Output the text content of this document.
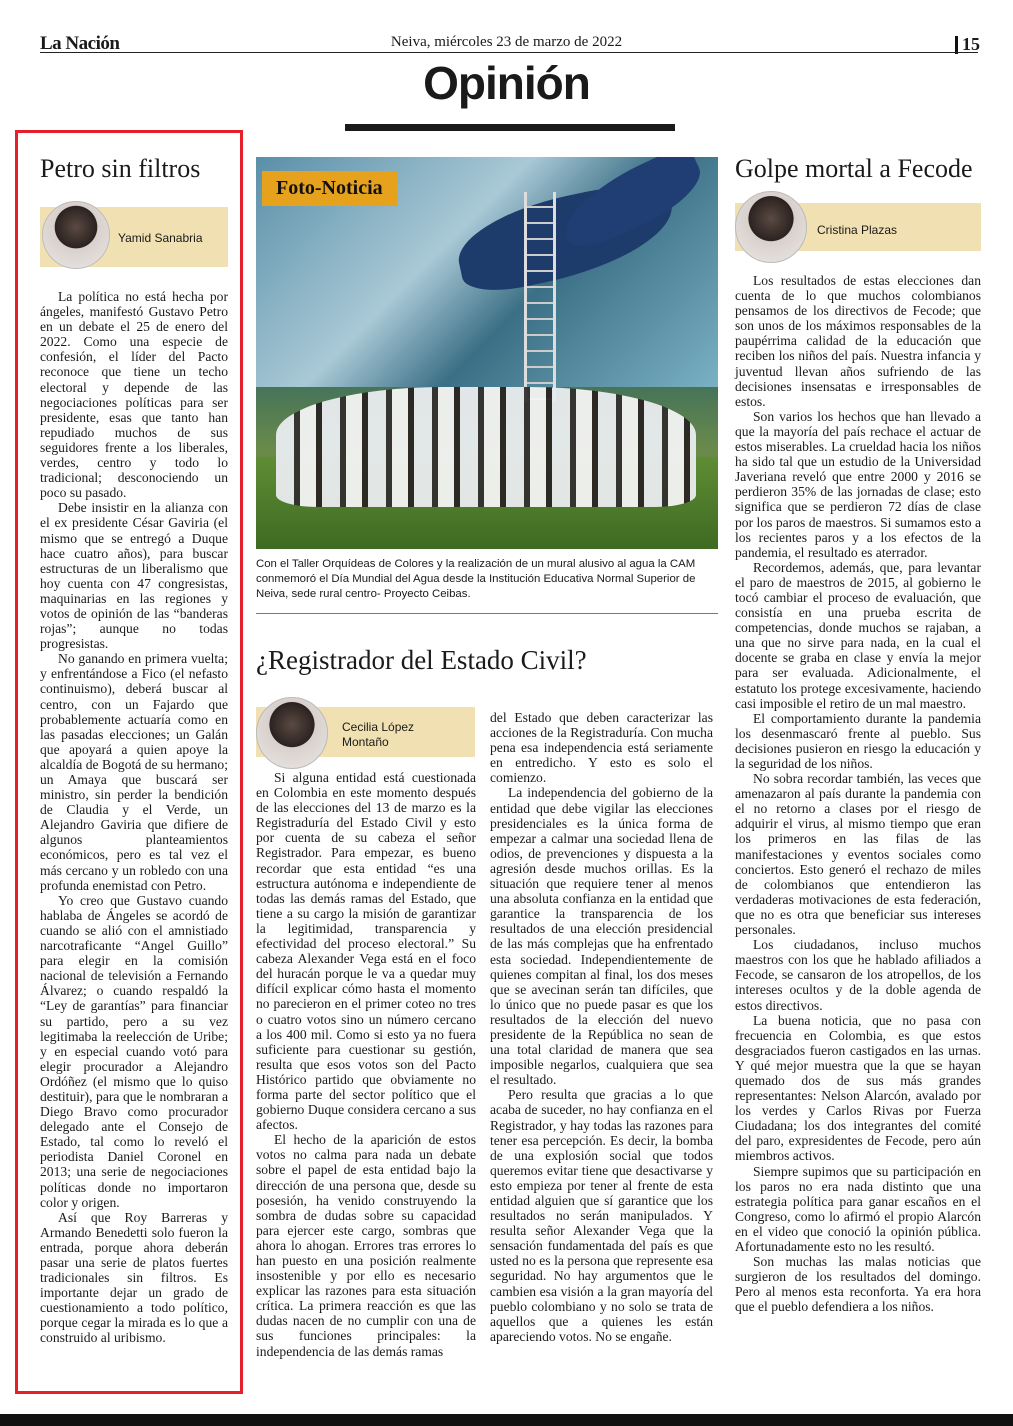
La Nación	Neiva, miércoles 23 de marzo de 2022	15
Opinión
Petro sin filtros
Yamid Sanabria

La política no está hecha por ángeles, manifestó Gustavo Petro en un debate el 25 de enero del 2022. Como una especie de confesión, el líder del Pacto reconoce que tiene un techo electoral y depende de las negociaciones políticas para ser presidente, esas que tanto han repudiado muchos de sus seguidores frente a los liberales, verdes, centro y todo lo tradicional; desconociendo un poco su pasado.

Debe insistir en la alianza con el ex presidente César Gaviria (el mismo que se entregó a Duque hace cuatro años), para buscar estructuras de un liberalismo que hoy cuenta con 47 congresistas, maquinarias en las regiones y votos de opinión de las “banderas rojas”; aunque no todas progresistas.

No ganando en primera vuelta; y enfrentándose a Fico (el nefasto continuismo), deberá buscar al centro, con un Fajardo que probablemente actuaría como en las pasadas elecciones; un Galán que apoyará a quien apoye la alcaldía de Bogotá de su hermano; un Amaya que buscará ser ministro, sin perder la bendición de Claudia y el Verde, un Alejandro Gaviria que difiere de algunos planteamientos económicos, pero es tal vez el más cercano y un robledo con una profunda enemistad con Petro.

Yo creo que Gustavo cuando hablaba de Ángeles se acordó de cuando se alió con el amnistiado narcotraficante “Angel Guillo” para elegir en la comisión nacional de televisión a Fernando Álvarez; o cuando respaldó la “Ley de garantías” para financiar su partido, pero a su vez legitimaba la reelección de Uribe; y en especial cuando votó para elegir procurador a Alejandro Ordóñez (el mismo que lo quiso destituir), para que le nombraran a Diego Bravo como procurador delegado ante el Consejo de Estado, tal como lo reveló el periodista Daniel Coronel en 2013; una serie de negociaciones políticas donde no importaron color y origen.

Así que Roy Barreras y Armando Benedetti solo fueron la entrada, porque ahora deberán pasar una serie de platos fuertes tradicionales sin filtros. Es importante dejar un grado de cuestionamiento a todo político, porque cegar la mirada es lo que a construido al uribismo.

Foto-Noticia
Con el Taller Orquídeas de Colores y la realización de un mural alusivo al agua la CAM conmemoró el Día Mundial del Agua desde la Institución Educativa Normal Superior de Neiva, sede rural centro- Proyecto Ceibas.
¿Registrador del Estado Civil?
Cecilia López Montaño

Si alguna entidad está cuestionada en Colombia en este momento después de las elecciones del 13 de marzo es la Registraduría del Estado Civil y esto por cuenta de su cabeza el señor Registrador. Para empezar, es bueno recordar que esta entidad “es una estructura autónoma e independiente de todas las demás ramas del Estado, que tiene a su cargo la misión de garantizar la legitimidad, transparencia y efectividad del proceso electoral.” Su cabeza Alexander Vega está en el foco del huracán porque le va a quedar muy difícil explicar cómo hasta el momento no parecieron en el primer coteo no tres o cuatro votos sino un número cercano a los 400 mil. Como si esto ya no fuera suficiente para cuestionar su gestión, resulta que esos votos son del Pacto Histórico partido que obviamente no forma parte del sector político que el gobierno Duque considera cercano a sus afectos.

El hecho de la aparición de estos votos no calma para nada un debate sobre el papel de esta entidad bajo la dirección de una persona que, desde su posesión, ha venido construyendo la sombra de dudas sobre su capacidad para ejercer este cargo, sombras que ahora lo ahogan. Errores tras errores lo han puesto en una posición realmente insostenible y por ello es necesario explicar las razones para esta situación crítica. La primera reacción es que las dudas nacen de no cumplir con una de sus funciones principales: la independencia de las demás ramas

del Estado que deben caracterizar las acciones de la Registraduría. Con mucha pena esa independencia está seriamente en entredicho. Y esto es solo el comienzo.

La independencia del gobierno de la entidad que debe vigilar las elecciones presidenciales es la única forma de empezar a calmar una sociedad llena de odios, de prevenciones y dispuesta a la agresión desde muchos orillas. Es la situación que requiere tener al menos una absoluta confianza en la entidad que garantice la transparencia de los resultados de una elección presidencial de las más complejas que ha enfrentado esta sociedad. Independientemente de quienes compitan al final, los dos meses que se avecinan serán tan difíciles, que lo único que no puede pasar es que los resultados de la elección del nuevo presidente de la República no sean de una total claridad de manera que sea imposible negarlos, cualquiera que sea el resultado.

Pero resulta que gracias a lo que acaba de suceder, no hay confianza en el Registrador, y hay todas las razones para tener esa percepción. Es decir, la bomba de una explosión social que todos queremos evitar tiene que desactivarse y esto empieza por tener al frente de esta entidad alguien que sí garantice que los resultados no serán manipulados. Y resulta señor Alexander Vega que la sensación fundamentada del país es que usted no es la persona que represente esa seguridad. No hay argumentos que le cambien esa visión a la gran mayoría del pueblo colombiano y no solo se trata de aquellos que a quienes les están apareciendo votos. No se engañe.

Golpe mortal a Fecode
Cristina Plazas

Los resultados de estas elecciones dan cuenta de lo que muchos colombianos pensamos de los directivos de Fecode; que son unos de los máximos responsables de la paupérrima calidad de la educación que reciben los niños del país. Nuestra infancia y juventud llevan años sufriendo de las decisiones insensatas e irresponsables de estos.

Son varios los hechos que han llevado a que la mayoría del país rechace el actuar de estos miserables. La crueldad hacia los niños ha sido tal que un estudio de la Universidad Javeriana reveló que entre 2000 y 2016 se perdieron 35% de las jornadas de clase; esto significa que se perdieron 72 días de clase por los paros de maestros. Si sumamos esto a los recientes paros y a los efectos de la pandemia, el resultado es aterrador.

Recordemos, además, que, para levantar el paro de maestros de 2015, al gobierno le tocó cambiar el proceso de evaluación, que consistía en una prueba escrita de competencias, donde muchos se rajaban, a una que no sirve para nada, en la cual el docente se graba en clase y envía la mejor para ser evaluada. Adicionalmente, el estatuto los protege excesivamente, haciendo casi imposible el retiro de un mal maestro.

El comportamiento durante la pandemia los desenmascaró frente al pueblo. Sus decisiones pusieron en riesgo la educación y la seguridad de los niños.

No sobra recordar también, las veces que amenazaron al país durante la pandemia con el no retorno a clases por el riesgo de adquirir el virus, al mismo tiempo que eran los primeros en las filas de las manifestaciones y eventos sociales como conciertos. Esto generó el rechazo de miles de colombianos que entendieron las verdaderas motivaciones de esta federación, que no es otra que beneficiar sus intereses personales.

Los ciudadanos, incluso muchos maestros con los que he hablado afiliados a Fecode, se cansaron de los atropellos, de los intereses ocultos y de la doble agenda de estos directivos.

La buena noticia, que no pasa con frecuencia en Colombia, es que estos desgraciados fueron castigados en las urnas. Y qué mejor muestra que la que se hayan quemado dos de sus más grandes representantes: Nelson Alarcón, avalado por los verdes y Carlos Rivas por Fuerza Ciudadana; los dos integrantes del comité del paro, expresidentes de Fecode, pero aún miembros activos.

Siempre supimos que su participación en los paros no era nada distinto que una estrategia política para ganar escaños en el Congreso, como lo afirmó el propio Alarcón en el video que conoció la opinión pública. Afortunadamente esto no les resultó.

Son muchas las malas noticias que surgieron de los resultados del domingo. Pero al menos esta reconforta. Ya era hora que el pueblo defendiera a los niños.
